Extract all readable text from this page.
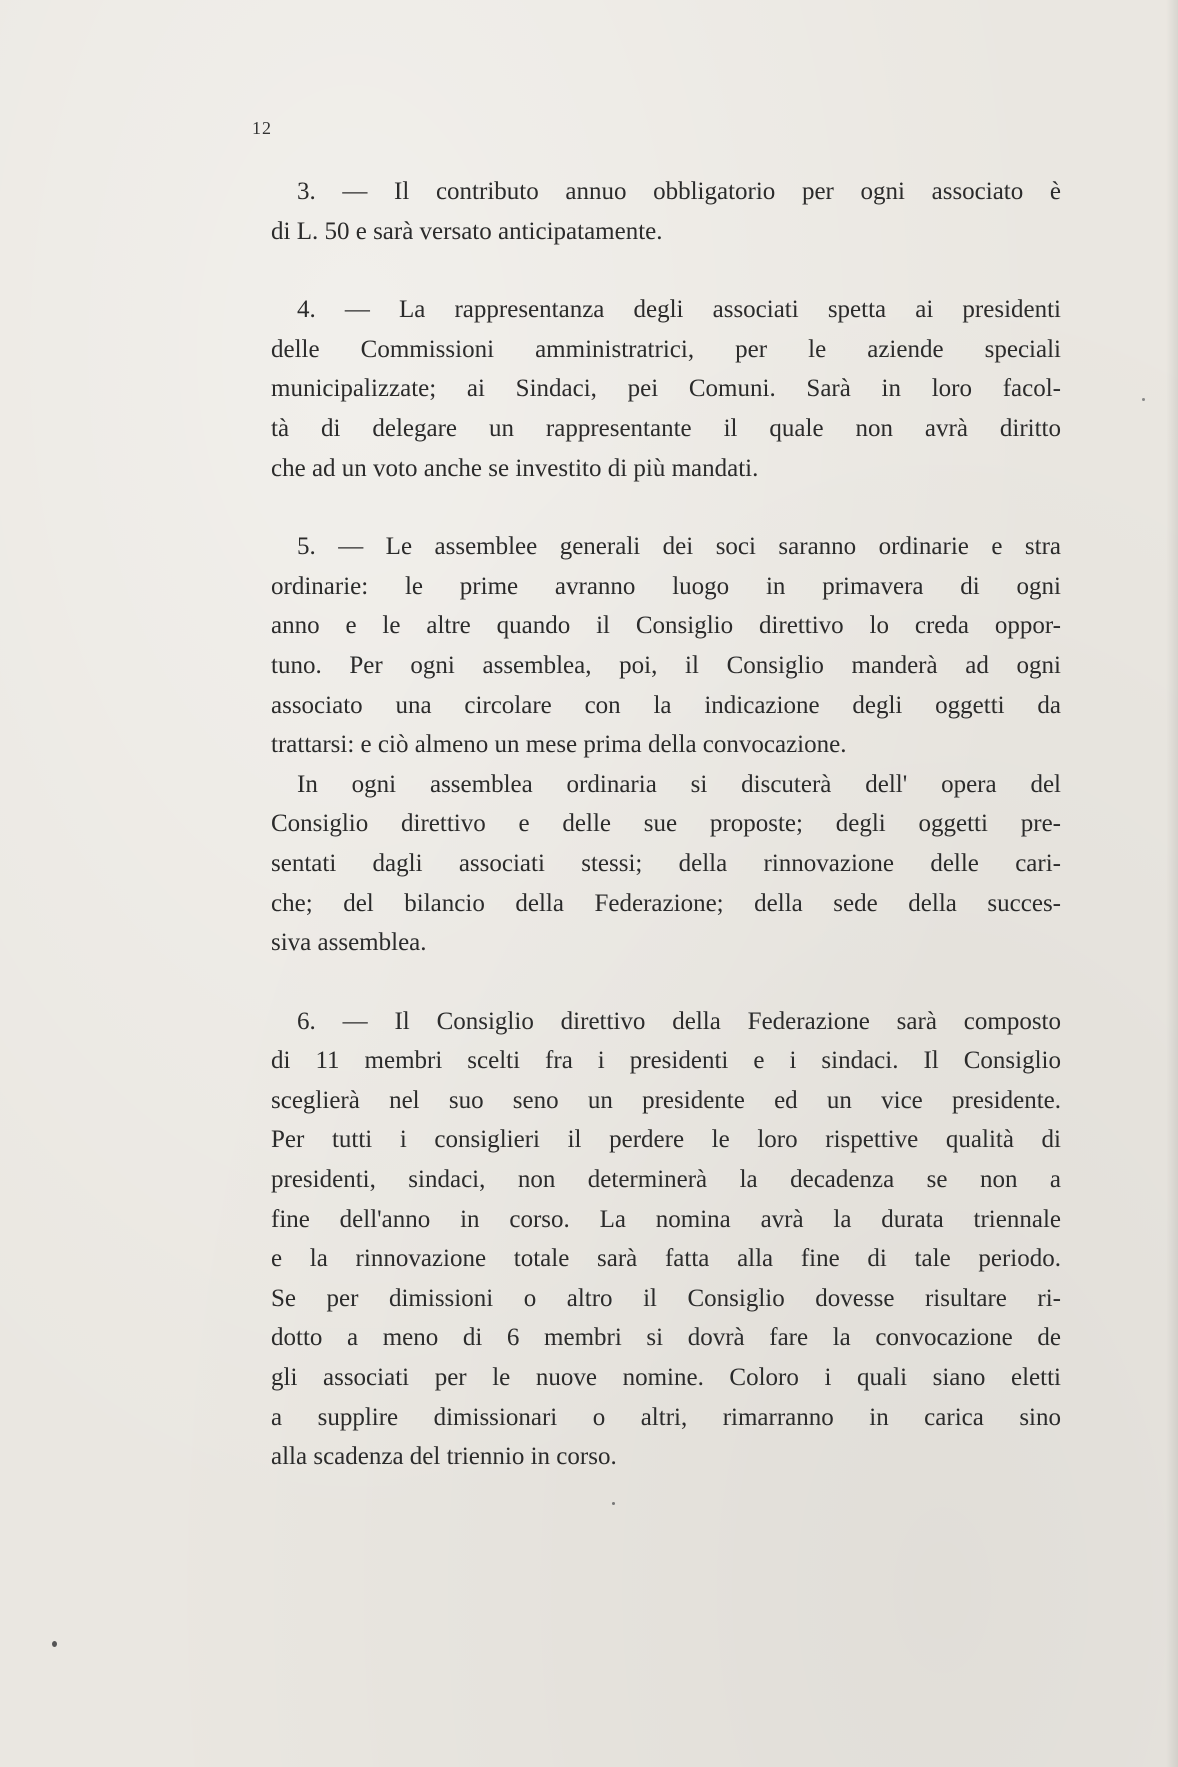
12

3. — Il contributo annuo obbligatorio per ogni associato è
di L. 50 e sarà versato anticipatamente.

4. — La rappresentanza degli associati spetta ai presidenti
delle Commissioni amministratrici, per le aziende speciali
municipalizzate; ai Sindaci, pei Comuni. Sarà in loro facol-
tà di delegare un rappresentante il quale non avrà diritto
che ad un voto anche se investito di più mandati.

5. — Le assemblee generali dei soci saranno ordinarie e stra
ordinarie: le prime avranno luogo in primavera di ogni
anno e le altre quando il Consiglio direttivo lo creda oppor-
tuno. Per ogni assemblea, poi, il Consiglio manderà ad ogni
associato una circolare con la indicazione degli oggetti da
trattarsi: e ciò almeno un mese prima della convocazione.
In ogni assemblea ordinaria si discuterà dell' opera del
Consiglio direttivo e delle sue proposte; degli oggetti pre-
sentati dagli associati stessi; della rinnovazione delle cari-
che; del bilancio della Federazione; della sede della succes-
siva assemblea.

6. — Il Consiglio direttivo della Federazione sarà composto
di 11 membri scelti fra i presidenti e i sindaci. Il Consiglio
sceglierà nel suo seno un presidente ed un vice presidente.
Per tutti i consiglieri il perdere le loro rispettive qualità di
presidenti, sindaci, non determinerà la decadenza se non a
fine dell'anno in corso. La nomina avrà la durata triennale
e la rinnovazione totale sarà fatta alla fine di tale periodo.
Se per dimissioni o altro il Consiglio dovesse risultare ri-
dotto a meno di 6 membri si dovrà fare la convocazione de
gli associati per le nuove nomine. Coloro i quali siano eletti
a supplire dimissionari o altri, rimarranno in carica sino
alla scadenza del triennio in corso.
